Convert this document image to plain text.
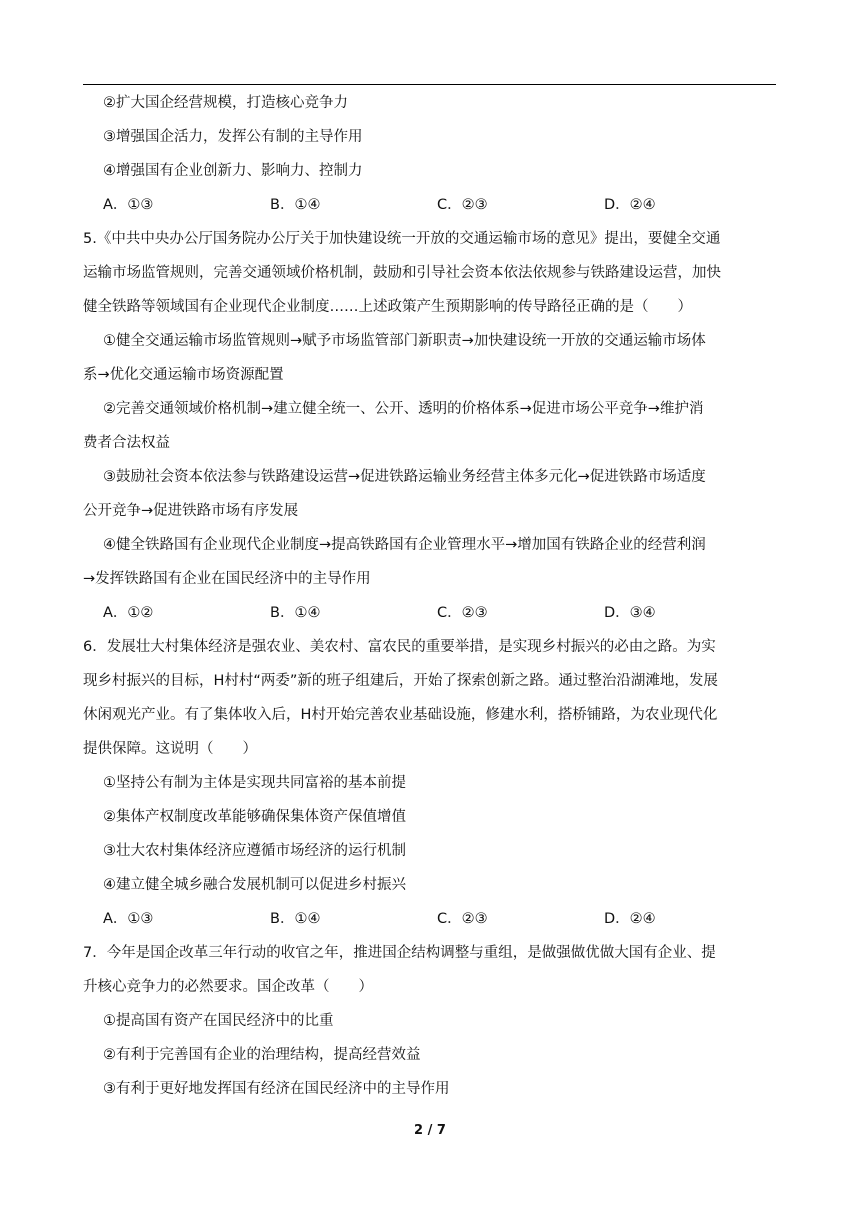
②扩大国企经营规模，打造核心竞争力
③增强国企活力，发挥公有制的主导作用
④增强国有企业创新力、影响力、控制力
A．①③	B．①④	C．②③	D．②④
5.《中共中央办公厅国务院办公厅关于加快建设统一开放的交通运输市场的意见》提出，要健全交通
运输市场监管规则，完善交通领域价格机制，鼓励和引导社会资本依法依规参与铁路建设运营，加快
健全铁路等领域国有企业现代企业制度……上述政策产生预期影响的传导路径正确的是（　　）
①健全交通运输市场监管规则→赋予市场监管部门新职责→加快建设统一开放的交通运输市场体
系→优化交通运输市场资源配置
②完善交通领域价格机制→建立健全统一、公开、透明的价格体系→促进市场公平竞争→维护消
费者合法权益
③鼓励社会资本依法参与铁路建设运营→促进铁路运输业务经营主体多元化→促进铁路市场适度
公开竞争→促进铁路市场有序发展
④健全铁路国有企业现代企业制度→提高铁路国有企业管理水平→增加国有铁路企业的经营利润
→发挥铁路国有企业在国民经济中的主导作用
A．①②	B．①④	C．②③	D．③④
6．发展壮大村集体经济是强农业、美农村、富农民的重要举措，是实现乡村振兴的必由之路。为实
现乡村振兴的目标，H村村“两委”新的班子组建后，开始了探索创新之路。通过整治沿湖滩地，发展
休闲观光产业。有了集体收入后，H村开始完善农业基础设施，修建水利，搭桥铺路，为农业现代化
提供保障。这说明（　　）
①坚持公有制为主体是实现共同富裕的基本前提
②集体产权制度改革能够确保集体资产保值增值
③壮大农村集体经济应遵循市场经济的运行机制
④建立健全城乡融合发展机制可以促进乡村振兴
A．①③	B．①④	C．②③	D．②④
7．今年是国企改革三年行动的收官之年，推进国企结构调整与重组，是做强做优做大国有企业、提
升核心竞争力的必然要求。国企改革（　　）
①提高国有资产在国民经济中的比重
②有利于完善国有企业的治理结构，提高经营效益
③有利于更好地发挥国有经济在国民经济中的主导作用
2 / 7
